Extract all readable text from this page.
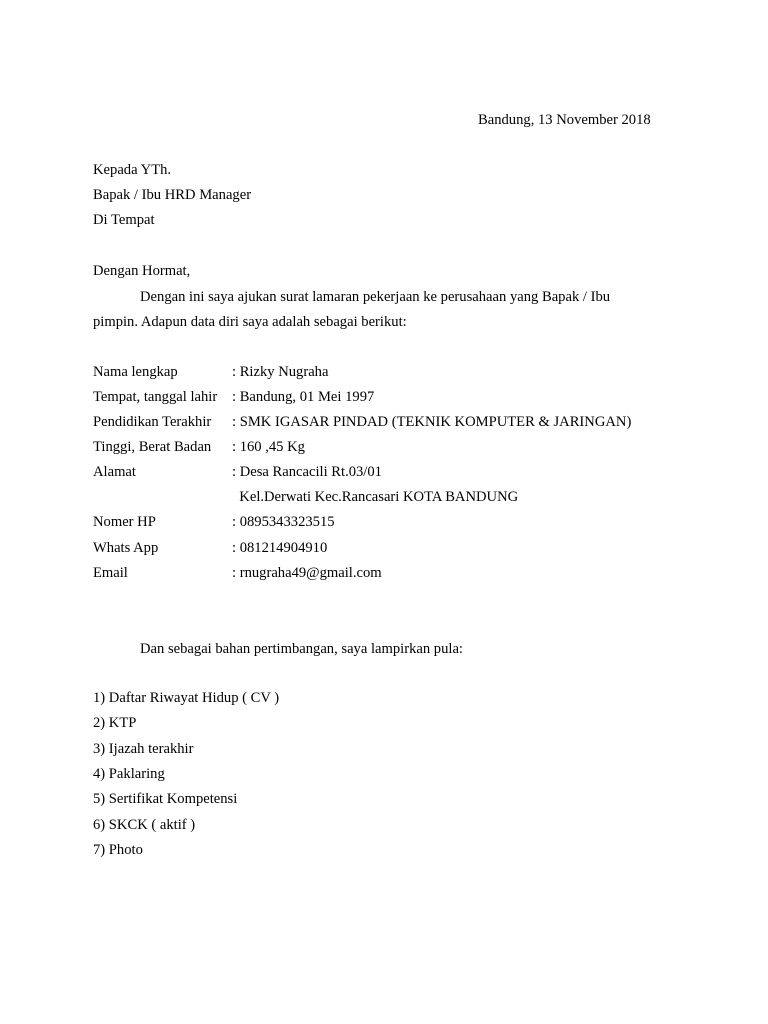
Bandung, 13 November 2018
Kepada YTh.
Bapak / Ibu HRD Manager
Di Tempat
Dengan Hormat,
Dengan ini saya ajukan surat lamaran pekerjaan ke perusahaan yang Bapak / Ibu
pimpin. Adapun data diri saya adalah sebagai berikut:
Nama lengkap	: Rizky Nugraha
Tempat, tanggal lahir : Bandung, 01 Mei 1997
Pendidikan Terakhir : SMK IGASAR PINDAD (TEKNIK KOMPUTER & JARINGAN)
Tinggi, Berat Badan : 160 ,45 Kg
Alamat	: Desa Rancacili Rt.03/01
Kel.Derwati Kec.Rancasari KOTA BANDUNG
Nomer HP	: 0895343323515
Whats App	: 081214904910
Email	: rnugraha49@gmail.com
Dan sebagai bahan pertimbangan, saya lampirkan pula:
1) Daftar Riwayat Hidup ( CV )
2) KTP
3) Ijazah terakhir
4) Paklaring
5) Sertifikat Kompetensi
6) SKCK ( aktif )
7) Photo
